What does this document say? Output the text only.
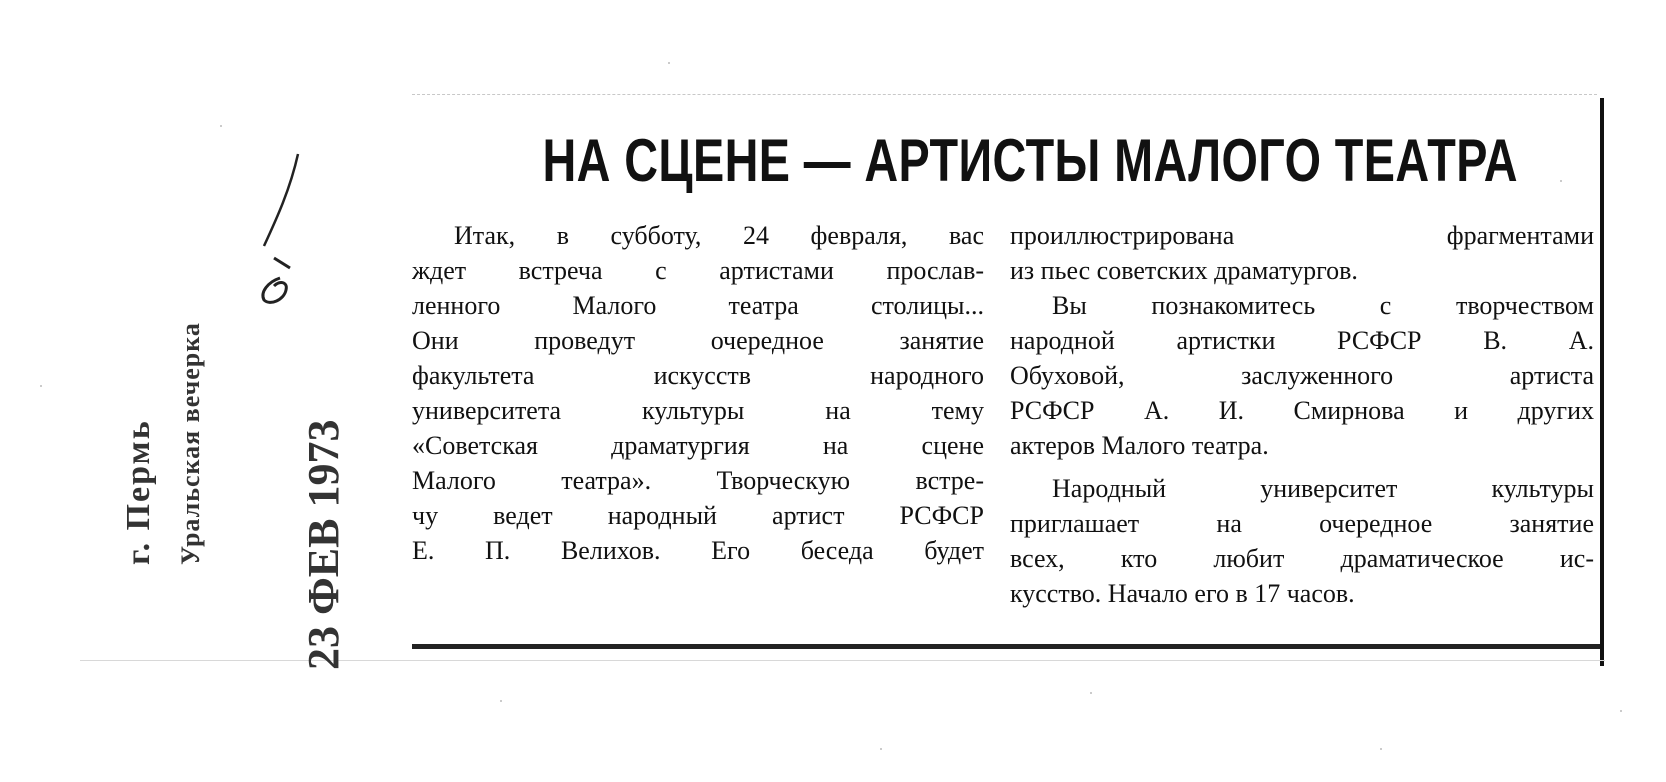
НА СЦЕНЕ — АРТИСТЫ МАЛОГО ТЕАТРА
Итак, в субботу, 24 февраля, вас
ждет встреча с артистами прослав-
ленного Малого театра столицы...
Они проведут очередное занятие
факультета искусств народного
университета культуры на тему
«Советская драматургия на сцене
Малого театра». Творческую встре-
чу ведет народный артист РСФСР
Е. П. Велихов. Его беседа будет
проиллюстрирована фрагментами
из пьес советских драматургов.
Вы познакомитесь с творчеством
народной артистки РСФСР В. А.
Обуховой, заслуженного артиста
РСФСР А. И. Смирнова и других
актеров Малого театра.
Народный университет культуры
приглашает на очередное занятие
всех, кто любит драматическое ис-
кусство. Начало его в 17 часов.
г. Пермь Уральская вечерка 23 ФЕВ 1973
